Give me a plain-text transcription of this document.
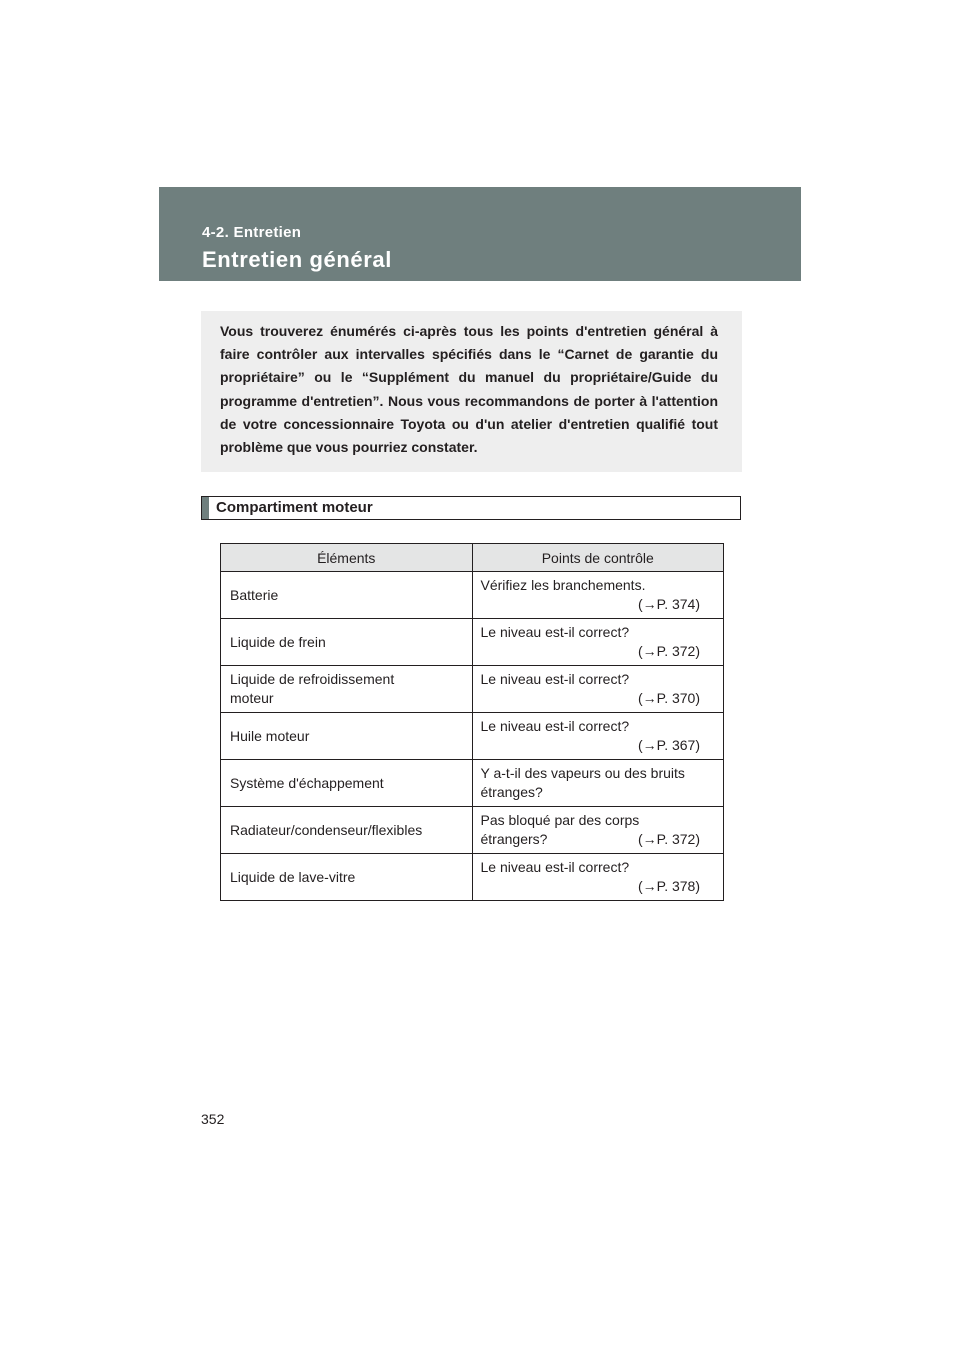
4-2. Entretien
Entretien général

Vous trouverez énumérés ci-après tous les points d'entretien général à faire contrôler aux intervalles spécifiés dans le “Carnet de garantie du propriétaire” ou le “Supplément du manuel du propriétaire/Guide du programme d'entretien”. Nous vous recommandons de porter à l'attention de votre concessionnaire Toyota ou d'un atelier d'entretien qualifié tout problème que vous pourriez constater.

Compartiment moteur
Éléments	Points de contrôle
Batterie	Vérifiez les branchements.
(→P. 374)

Liquide de frein	Le niveau est-il correct?
(→P. 372)

Liquide de refroidissement moteur	Le niveau est-il correct?
(→P. 370)

Huile moteur	Le niveau est-il correct?
(→P. 367)

Système d'échappement	Y a-t-il des vapeurs ou des bruits étranges?

Radiateur/condenseur/flexibles	Pas bloqué par des corps
étrangers? (→P. 372)

Liquide de lave-vitre	Le niveau est-il correct?
(→P. 378)
352
